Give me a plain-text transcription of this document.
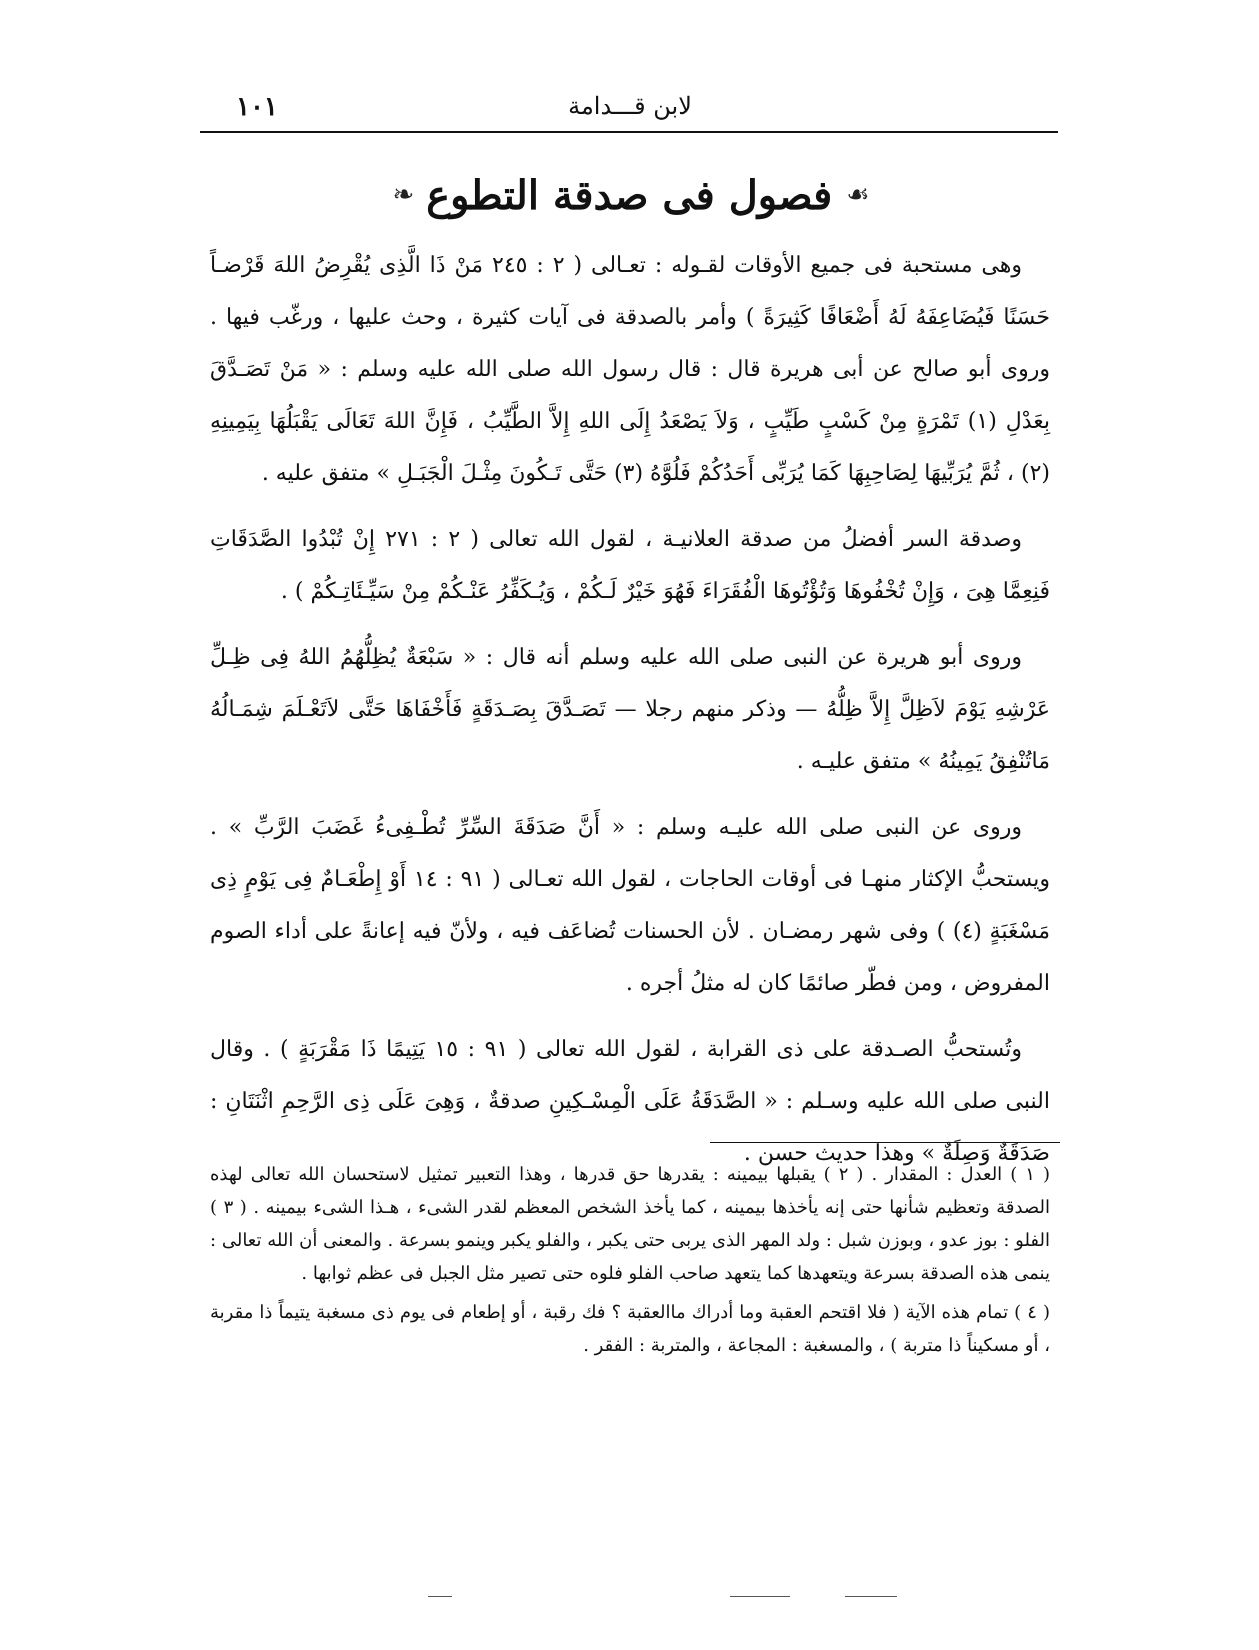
لابن قـــدامة
١٠١
☙
فصول فى صدقة التطوع
❧

وهى مستحبة فى جميع الأوقات لقـوله : تعـالى ( ٢ : ٢٤٥ مَنْ ذَا الَّذِى يُقْرِضُ اللهَ قَرْضـاً حَسَنًا فَيُضَاعِفَهُ لَهُ أَضْعَافًا كَثِيرَةً ) وأمر بالصدقة فى آيات كثيرة ، وحث عليها ، ورغّب فيها . وروى أبو صالح عن أبى هريرة قال : قال رسول الله صلى الله عليه وسلم : « مَنْ تَصَـدَّقَ بِعَدْلِ (١) تَمْرَةٍ مِنْ كَسْبٍ طَيِّبٍ ، وَلاَ يَصْعَدُ إِلَى اللهِ إِلاَّ الطَّيِّبُ ، فَإِنَّ اللهَ تَعَالَى يَقْبَلُهَا بِيَمِينِهِ (٢) ، ثُمَّ يُرَبِّيهَا لِصَاحِبِهَا كَمَا يُرَبِّى أَحَدُكُمْ فَلُوَّهُ (٣) حَتَّى تَـكُونَ مِثْـلَ الْجَبَـلِ » متفق عليه .

وصدقة السر أفضلُ من صدقة العلانيـة ، لقول الله تعالى ( ٢ : ٢٧١ إِنْ تُبْدُوا الصَّدَقَاتِ فَنِعِمَّا هِىَ ، وَإِنْ تُخْفُوهَا وَتُؤْتُوهَا الْفُقَرَاءَ فَهُوَ خَيْرٌ لَـكُمْ ، وَيُـكَفِّرُ عَنْـكُمْ مِنْ سَيِّـئَاتِـكُمْ ) .

وروى أبو هريرة عن النبى صلى الله عليه وسلم أنه قال : « سَبْعَةٌ يُظِلُّهُمُ اللهُ فِى ظِـلِّ عَرْشِهِ يَوْمَ لاَظِلَّ إِلاَّ ظِلُّهُ — وذكر منهم رجلا — تَصَـدَّقَ بِصَـدَقَةٍ فَأَخْفَاهَا حَتَّى لاَتَعْـلَمَ شِمَـالُهُ مَاتُنْفِقُ يَمِينُهُ » متفق عليـه .

وروى عن النبى صلى الله عليـه وسلم : « أَنَّ صَدَقَةَ السِّرِّ تُطْـفِىءُ غَضَبَ الرَّبِّ » . ويستحبُّ الإكثار منهـا فى أوقات الحاجات ، لقول الله تعـالى ( ٩١ : ١٤ أَوْ إِطْعَـامٌ فِى يَوْمٍ ذِى مَسْغَبَةٍ (٤) ) وفى شهر رمضـان . لأن الحسنات تُضاعَف فيه ، ولأنّ فيه إعانةً على أداء الصوم المفروض ، ومن فطّر صائمًا كان له مثلُ أجره .

وتُستحبُّ الصـدقة على ذى القرابة ، لقول الله تعالى ( ٩١ : ١٥ يَتِيمًا ذَا مَقْرَبَةٍ ) . وقال النبى صلى الله عليه وسـلم : « الصَّدَقَةُ عَلَى الْمِسْـكِينِ صدقةٌ ، وَهِىَ عَلَى ذِى الرَّحِمِ اثْنَتَانِ : صَدَقَةٌ وَصِلَةٌ » وهذا حديث حسن .

( ١ ) العدل : المقدار . ( ٢ ) يقبلها بيمينه : يقدرها حق قدرها ، وهذا التعبير تمثيل لاستحسان الله تعالى لهذه الصدقة وتعظيم شأنها حتى إنه يأخذها بيمينه ، كما يأخذ الشخص المعظم لقدر الشىء ، هـذا الشىء بيمينه . ( ٣ ) الفلو : بوز عدو ، وبوزن شبل : ولد المهر الذى يربى حتى يكبر ، والفلو يكبر وينمو بسرعة . والمعنى أن الله تعالى : ينمى هذه الصدقة بسرعة ويتعهدها كما يتعهد صاحب الفلو فلوه حتى تصير مثل الجبل فى عظم ثوابها .

( ٤ ) تمام هذه الآية ( فلا اقتحم العقبة وما أدراك ماالعقبة ؟ فك رقبة ، أو إطعام فى يوم ذى مسغبة يتيماً ذا مقربة ، أو مسكيناً ذا متربة ) ، والمسغبة : المجاعة ، والمتربة : الفقر .
